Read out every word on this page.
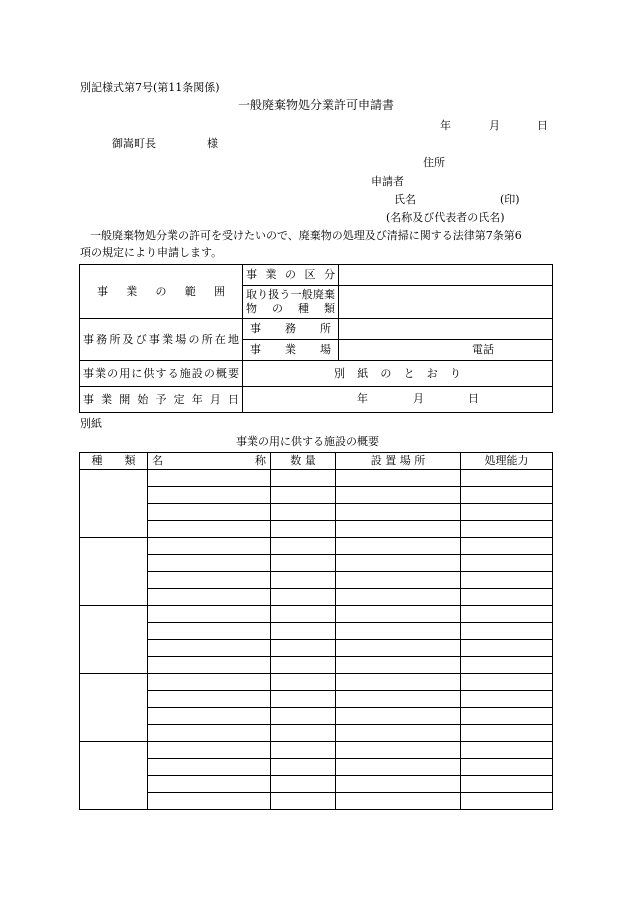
別記様式第7号(第11条関係)
一般廃棄物処分業許可申請書
年	月	日
御嵩町長	様
住所
申請者
氏名	(印)
(名称及び代表者の氏名)
一般廃棄物処分業の許可を受けたいので、廃棄物の処理及び清掃に関する法律第7条第6
項の規定により申請します。
事業の範囲	事業の区分	

	取り扱う一般廃棄物の種類	

事務所及び事業場の所在地	事務所	

	事業場	電話

事業の用に供する施設の概要	別紙のとおり	

事業開始予定年月日	年 月 日	
別紙
事業の用に供する施設の概要
種　　類	名 称	数 量	設 置 場 所	処理能力
